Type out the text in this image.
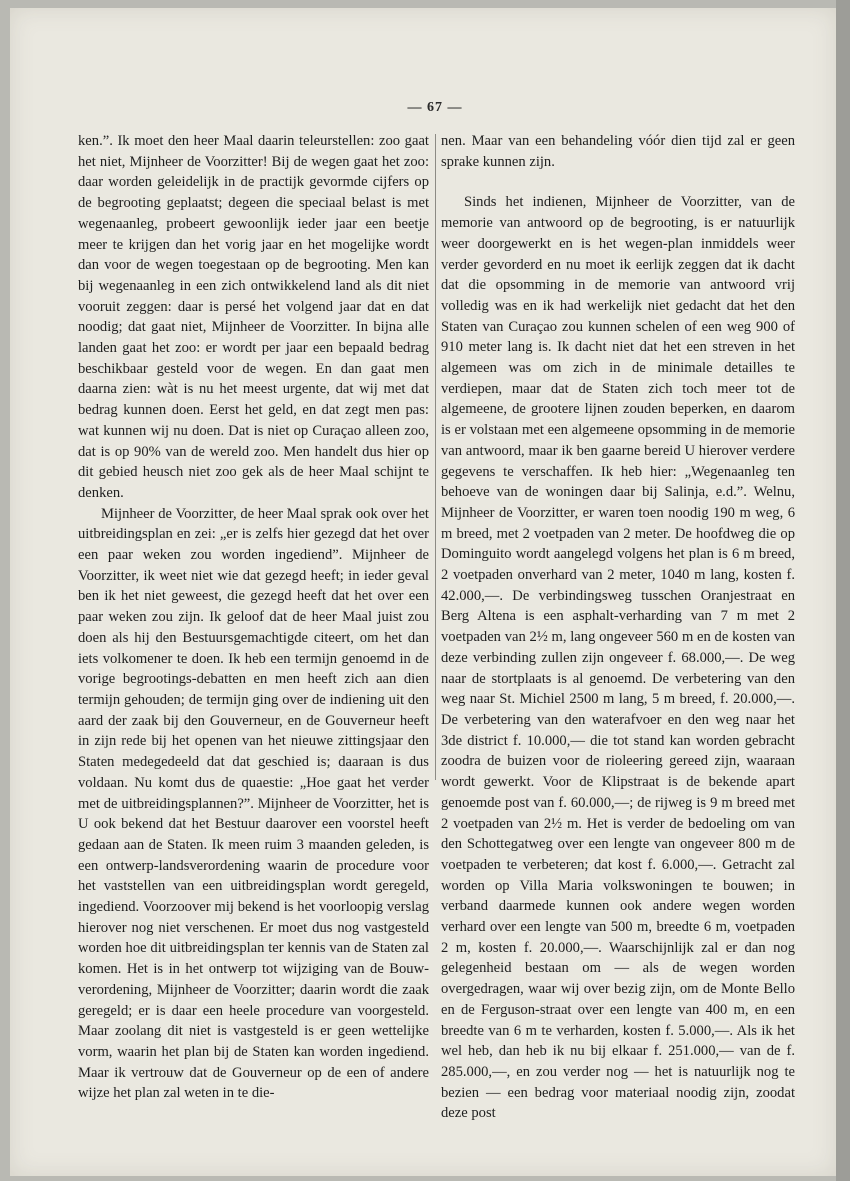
— 67 —

ken.”. Ik moet den heer Maal daarin teleurstellen: zoo gaat het niet, Mijnheer de Voorzitter! Bij de wegen gaat het zoo: daar worden geleidelijk in de practijk gevormde cijfers op de begrooting geplaatst; degeen die speciaal belast is met wegenaanleg, probeert gewoonlijk ieder jaar een beetje meer te krijgen dan het vorig jaar en het mogelijke wordt dan voor de wegen toegestaan op de begrooting. Men kan bij wegenaanleg in een zich ontwikkelend land als dit niet vooruit zeggen: daar is persé het volgend jaar dat en dat noodig; dat gaat niet, Mijnheer de Voorzitter. In bijna alle landen gaat het zoo: er wordt per jaar een bepaald bedrag beschikbaar gesteld voor de wegen. En dan gaat men daarna zien: wàt is nu het meest urgente, dat wij met dat bedrag kunnen doen. Eerst het geld, en dat zegt men pas: wat kunnen wij nu doen. Dat is niet op Curaçao alleen zoo, dat is op 90% van de wereld zoo. Men handelt dus hier op dit gebied heusch niet zoo gek als de heer Maal schijnt te denken.

Mijnheer de Voorzitter, de heer Maal sprak ook over het uitbreidingsplan en zei: „er is zelfs hier gezegd dat het over een paar weken zou worden ingediend”. Mijnheer de Voorzitter, ik weet niet wie dat gezegd heeft; in ieder geval ben ik het niet geweest, die gezegd heeft dat het over een paar weken zou zijn. Ik geloof dat de heer Maal juist zou doen als hij den Bestuursgemachtigde citeert, om het dan iets volkomener te doen. Ik heb een termijn genoemd in de vorige begrootings-debatten en men heeft zich aan dien termijn gehouden; de termijn ging over de indiening uit den aard der zaak bij den Gouverneur, en de Gouverneur heeft in zijn rede bij het openen van het nieuwe zittingsjaar den Staten medegedeeld dat dat geschied is; daaraan is dus voldaan. Nu komt dus de quaestie: „Hoe gaat het verder met de uitbreidingsplannen?”. Mijnheer de Voorzitter, het is U ook bekend dat het Bestuur daarover een voorstel heeft gedaan aan de Staten. Ik meen ruim 3 maanden geleden, is een ontwerp-landsverordening waarin de procedure voor het vaststellen van een uitbreidingsplan wordt geregeld, ingediend. Voorzoover mij bekend is het voorloopig verslag hierover nog niet verschenen. Er moet dus nog vastgesteld worden hoe dit uitbreidingsplan ter kennis van de Staten zal komen. Het is in het ontwerp tot wijziging van de Bouw-verordening, Mijnheer de Voorzitter; daarin wordt die zaak geregeld; er is daar een heele procedure van voorgesteld. Maar zoolang dit niet is vastgesteld is er geen wettelijke vorm, waarin het plan bij de Staten kan worden ingediend. Maar ik vertrouw dat de Gouverneur op de een of andere wijze het plan zal weten in te die-

nen. Maar van een behandeling vóór dien tijd zal er geen sprake kunnen zijn.

Sinds het indienen, Mijnheer de Voorzitter, van de memorie van antwoord op de begrooting, is er natuurlijk weer doorgewerkt en is het wegen-plan inmiddels weer verder gevorderd en nu moet ik eerlijk zeggen dat ik dacht dat die opsomming in de memorie van antwoord vrij volledig was en ik had werkelijk niet gedacht dat het den Staten van Curaçao zou kunnen schelen of een weg 900 of 910 meter lang is. Ik dacht niet dat het een streven in het algemeen was om zich in de minimale detailles te verdiepen, maar dat de Staten zich toch meer tot de algemeene, de grootere lijnen zouden beperken, en daarom is er volstaan met een algemeene opsomming in de memorie van antwoord, maar ik ben gaarne bereid U hierover verdere gegevens te verschaffen. Ik heb hier: „Wegenaanleg ten behoeve van de woningen daar bij Salinja, e.d.”. Welnu, Mijnheer de Voorzitter, er waren toen noodig 190 m weg, 6 m breed, met 2 voetpaden van 2 meter. De hoofdweg die op Dominguito wordt aangelegd volgens het plan is 6 m breed, 2 voetpaden onverhard van 2 meter, 1040 m lang, kosten f. 42.000,—. De verbindingsweg tusschen Oranjestraat en Berg Altena is een asphalt-verharding van 7 m met 2 voetpaden van 2½ m, lang ongeveer 560 m en de kosten van deze verbinding zullen zijn ongeveer f. 68.000,—. De weg naar de stortplaats is al genoemd. De verbetering van den weg naar St. Michiel 2500 m lang, 5 m breed, f. 20.000,—. De verbetering van den waterafvoer en den weg naar het 3de district f. 10.000,— die tot stand kan worden gebracht zoodra de buizen voor de rioleering gereed zijn, waaraan wordt gewerkt. Voor de Klipstraat is de bekende apart genoemde post van f. 60.000,—; de rijweg is 9 m breed met 2 voetpaden van 2½ m. Het is verder de bedoeling om van den Schottegatweg over een lengte van ongeveer 800 m de voetpaden te verbeteren; dat kost f. 6.000,—. Getracht zal worden op Villa Maria volkswoningen te bouwen; in verband daarmede kunnen ook andere wegen worden verhard over een lengte van 500 m, breedte 6 m, voetpaden 2 m, kosten f. 20.000,—. Waarschijnlijk zal er dan nog gelegenheid bestaan om — als de wegen worden overgedragen, waar wij over bezig zijn, om de Monte Bello en de Ferguson-straat over een lengte van 400 m, en een breedte van 6 m te verharden, kosten f. 5.000,—. Als ik het wel heb, dan heb ik nu bij elkaar f. 251.000,— van de f. 285.000,—, en zou verder nog — het is natuurlijk nog te bezien — een bedrag voor materiaal noodig zijn, zoodat deze post
